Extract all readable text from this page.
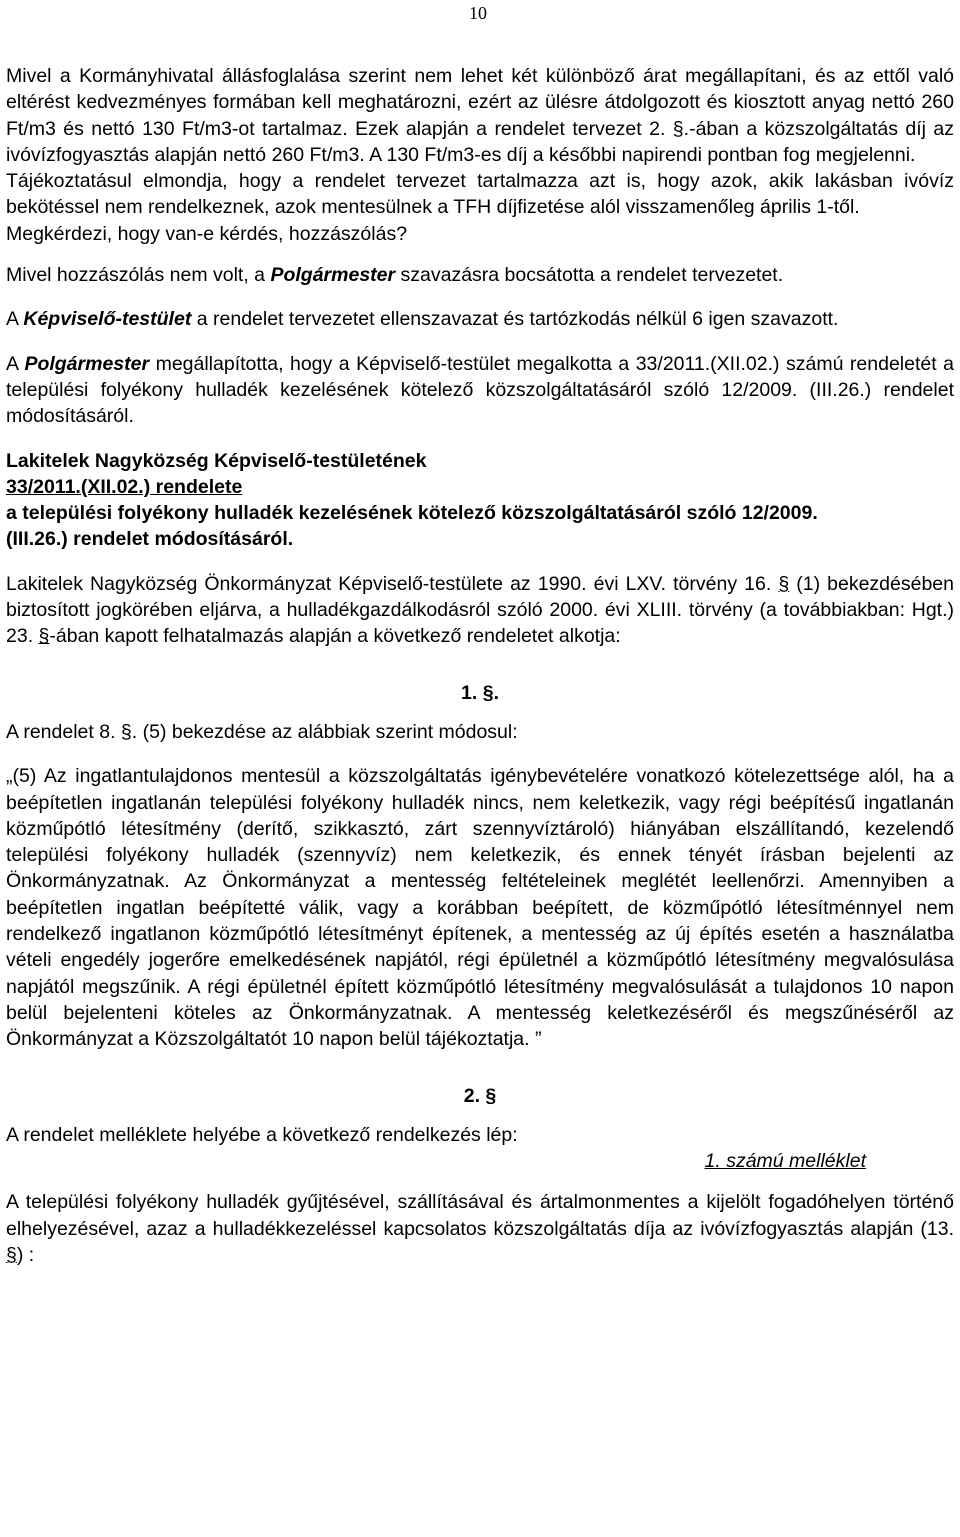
10

Mivel a Kormányhivatal állásfoglalása szerint nem lehet két különböző árat megállapítani, és az ettől való eltérést kedvezményes formában kell meghatározni, ezért az ülésre átdolgozott és kiosztott anyag nettó 260 Ft/m3 és nettó 130 Ft/m3-ot tartalmaz. Ezek alapján a rendelet tervezet 2. §.-ában a közszolgáltatás díj az ivóvízfogyasztás alapján nettó 260 Ft/m3. A 130 Ft/m3-es díj a későbbi napirendi pontban fog megjelenni.

Tájékoztatásul elmondja, hogy a rendelet tervezet tartalmazza azt is, hogy azok, akik lakásban ivóvíz bekötéssel nem rendelkeznek, azok mentesülnek a TFH díjfizetése alól visszamenőleg április 1-től.

Megkérdezi, hogy van-e kérdés, hozzászólás?

Mivel hozzászólás nem volt, a Polgármester szavazásra bocsátotta a rendelet tervezetet.

A Képviselő-testület a rendelet tervezetet ellenszavazat és tartózkodás nélkül 6 igen szavazott.

A Polgármester megállapította, hogy a Képviselő-testület megalkotta a 33/2011.(XII.02.) számú rendeletét a települési folyékony hulladék kezelésének kötelező közszolgáltatásáról szóló 12/2009. (III.26.) rendelet módosításáról.

Lakitelek Nagyközség Képviselő-testületének

33/2011.(XII.02.) rendelete

a települési folyékony hulladék kezelésének kötelező közszolgáltatásáról szóló 12/2009. (III.26.) rendelet módosításáról.

Lakitelek Nagyközség Önkormányzat Képviselő-testülete az 1990. évi LXV. törvény 16. § (1) bekezdésében biztosított jogkörében eljárva, a hulladékgazdálkodásról szóló 2000. évi XLIII. törvény (a továbbiakban: Hgt.) 23. §-ában kapott felhatalmazás alapján a következő rendeletet alkotja:

1. §.

A rendelet 8. §. (5) bekezdése az alábbiak szerint módosul:

„(5) Az ingatlantulajdonos mentesül a közszolgáltatás igénybevételére vonatkozó kötelezettsége alól, ha a beépítetlen ingatlanán települési folyékony hulladék nincs, nem keletkezik, vagy régi beépítésű ingatlanán közműpótló létesítmény (derítő, szikkasztó, zárt szennyvíztároló) hiányában elszállítandó, kezelendő települési folyékony hulladék (szennyvíz) nem keletkezik, és ennek tényét írásban bejelenti az Önkormányzatnak. Az Önkormányzat a mentesség feltételeinek meglétét leellenőrzi. Amennyiben a beépítetlen ingatlan beépítetté válik, vagy a korábban beépített, de közműpótló létesítménnyel nem rendelkező ingatlanon közműpótló létesítményt építenek, a mentesség az új építés esetén a használatba vételi engedély jogerőre emelkedésének napjától, régi épületnél a közműpótló létesítmény megvalósulása napjától megszűnik. A régi épületnél épített közműpótló létesítmény megvalósulását a tulajdonos 10 napon belül bejelenteni köteles az Önkormányzatnak. A mentesség keletkezéséről és megszűnéséről az Önkormányzat a Közszolgáltatót 10 napon belül tájékoztatja. ”

2. §

A rendelet melléklete helyébe a következő rendelkezés lép:

1. számú melléklet

A települési folyékony hulladék gyűjtésével, szállításával és ártalmonmentes a kijelölt fogadóhelyen történő elhelyezésével, azaz a hulladékkezeléssel kapcsolatos közszolgáltatás díja az ivóvízfogyasztás alapján (13. §) :
